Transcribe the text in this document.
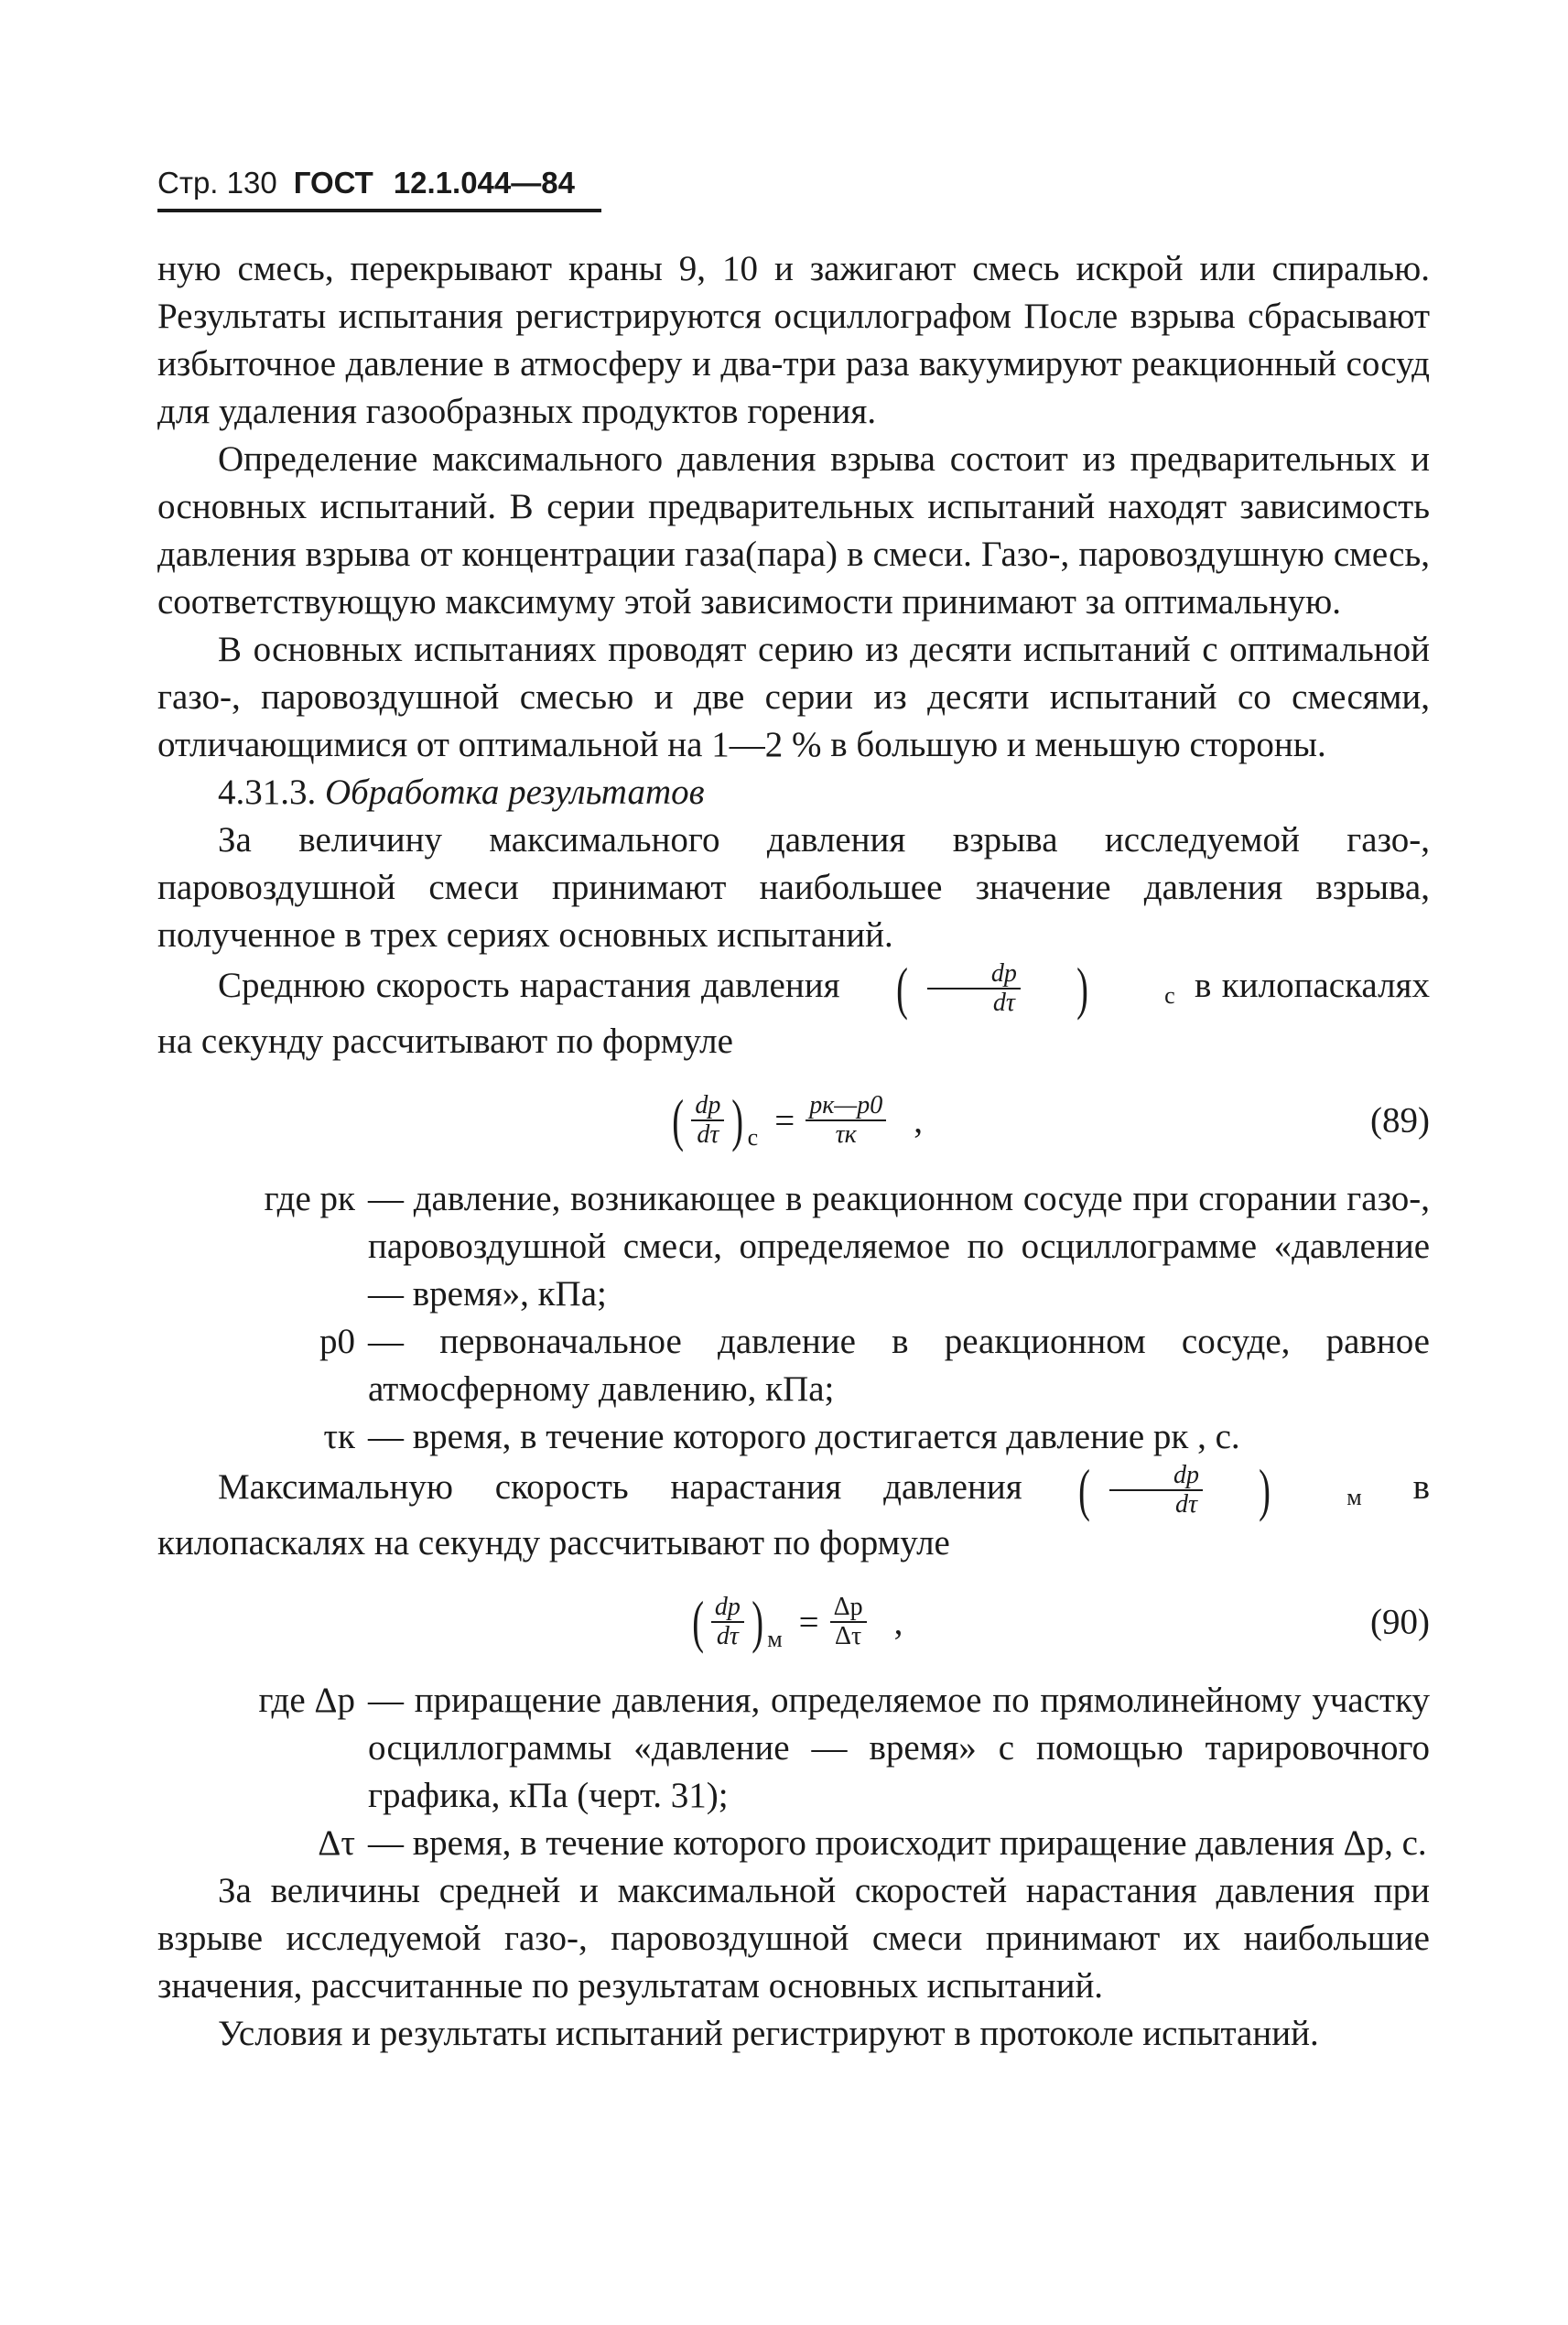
Стр. 130 ГОСТ 12.1.044—84

ную смесь, перекрывают краны 9, 10 и зажигают смесь искрой или спиралью. Результаты испытания регистрируются осциллографом После взрыва сбрасывают избыточное давление в атмосферу и два-три раза вакуумируют реакционный сосуд для удаления газообразных продуктов горения.

Определение максимального давления взрыва состоит из предварительных и основных испытаний. В серии предварительных испытаний находят зависимость давления взрыва от концентрации газа(пара) в смеси. Газо-, паровоздушную смесь, соответствующую максимуму этой зависимости принимают за оптимальную.

В основных испытаниях проводят серию из десяти испытаний с оптимальной газо-, паровоздушной смесью и две серии из десяти испытаний со смесями, отличающимися от оптимальной на 1—2 % в большую и меньшую стороны.

4.31.3. Обработка результатов

За величину максимального давления взрыва исследуемой газо-, паровоздушной смеси принимают наибольшее значение давления взрыва, полученное в трех сериях основных испытаний.

Среднюю скорость нарастания давления ( $\frac{dp}{d\tau}$ )	с в килопаскалях на секунду рассчитывают по формуле

( $\frac{dp}{d\tau}$ ) $с = \frac{pк—p0}{\tau к}$ ,	(89)
где pк — давление, возникающее в реакционном сосуде при сгорании газо-, паровоздушной смеси, определяемое по осциллограмме «давление — время», кПа;
p0 — первоначальное давление в реакционном сосуде, равное атмосферному давлению, кПа;
τк — время, в течение которого достигается давление pк , с.

Максимальную скорость нарастания давления ( $\frac{dp}{d\tau}$ )	м в килопаскалях на секунду рассчитывают по формуле

( $\frac{dp}{d\tau}$ ) $м = \frac{\Delta p}{\Delta\tau}$ ,	(90)
где Δp — приращение давления, определяемое по прямолинейному участку осциллограммы «давление — время» с помощью тарировочного графика, кПа (черт. 31);
Δτ — время, в течение которого происходит приращение давления Δp, с.

За величины средней и максимальной скоростей нарастания давления при взрыве исследуемой газо-, паровоздушной смеси принимают их наибольшие значения, рассчитанные по результатам основных испытаний.

Условия и результаты испытаний регистрируют в протоколе испытаний.
